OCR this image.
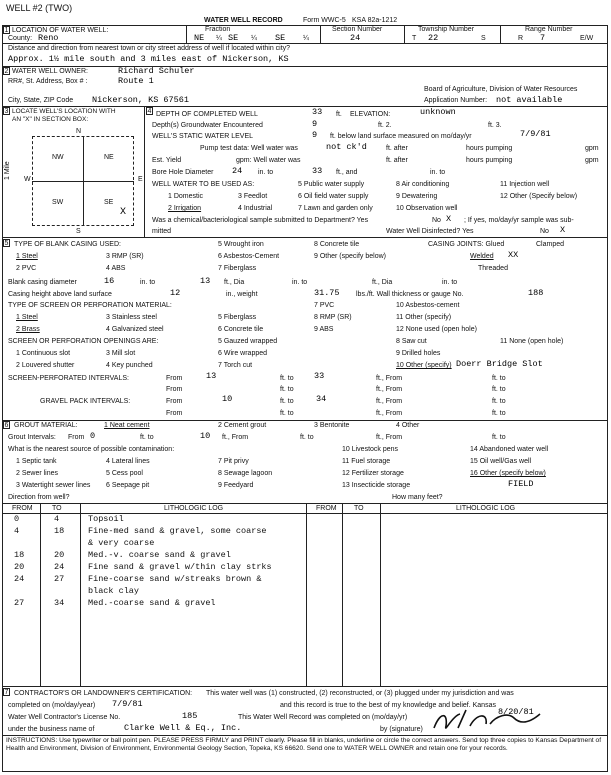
WELL #2 (TWO)
WATER WELL RECORD	Form WWC-5 KSA 82a-1212
1 LOCATION OF WATER WELL:	Fraction	Section Number	Township Number	Range Number
County: Reno	NE ¼ SE ¼ SE	¼	24	T 22	S	R 7	E/W
Distance and direction from nearest town or city street address of well if located within city?
Approx. 1½ mile south and 3 miles east of Nickerson, KS
2 WATER WELL OWNER:	Richard Schuler
RR#, St. Address, Box # :	Route 1
Board of Agriculture, Division of Water Resources
City, State, ZIP Code Nickerson, KS 67561	Application Number: not available
3 LOCATE WELL'S LOCATION WITH
AN "X" IN SECTION BOX:
N
S
W	E
1 Mile
NW	NE
SW	SE
X
4 DEPTH OF COMPLETED WELL	33 ft. ELEVATION:	unknown
Depth(s) Groundwater Encountered	9	ft. 2.	ft. 3.
WELL'S STATIC WATER LEVEL	9 ft. below land surface measured on mo/day/yr	7/9/81
Pump test data: Well water was	not ck'd	ft. after	hours pumping	gpm
Est. Yield	gpm: Well water was	ft. after	hours pumping	gpm
Bore Hole Diameter 24 in. to	33 ft., and	in. to
WELL WATER TO BE USED AS:
1 Domestic	3 Feedlot
5 Public water supply	8 Air conditioning	11 Injection well
2 Irrigation	4 Industrial
6 Oil field water supply
7 Lawn and garden only
9 Dewatering
10 Observation well
12 Other (Specify below)
Was a chemical/bacteriological sample submitted to Department? Yes	No X ; If yes, mo/day/yr sample was sub-
mitted	Water Well Disinfected? Yes	No X
5 TYPE OF BLANK CASING USED:
1 Steel	3 RMP (SR)
5 Wrought iron	8 Concrete tile
2 PVC	4 ABS
6 Asbestos-Cement	9 Other (specify below)
7 Fiberglass
CASING JOINTS: Glued	Clamped
Welded XX
Threaded
Blank casing diameter	16	in. to	13 ft., Dia	in. to	ft., Dia	in. to
Casing height above land surface	12	in., weight	31.75 lbs./ft. Wall thickness or gauge No.	188
TYPE OF SCREEN OR PERFORATION MATERIAL:
1 Steel	3 Stainless steel	5 Fiberglass
7 PVC	10 Asbestos-cement
2 Brass	4 Galvanized steel	6 Concrete tile
8 RMP (SR)
9 ABS
11 Other (specify)
12 None used (open hole)
SCREEN OR PERFORATION OPENINGS ARE:	5 Gauzed wrapped	8 Saw cut	11 None (open hole)
1 Continuous slot	3 Mill slot	6 Wire wrapped	9 Drilled holes
2 Louvered shutter	4 Key punched	7 Torch cut	10 Other (specify) Doerr Bridge Slot
SCREEN-PERFORATED INTERVALS:	From	13	ft. to 33	ft., From	ft. to
From	ft. to	ft., From	ft. to
GRAVEL PACK INTERVALS:	From	10	ft. to	34	ft., From	ft. to
From	ft. to	ft., From	ft. to
6 GROUT MATERIAL:	1 Neat cement	2 Cement grout	3 Bentonite	4 Other
Grout Intervals: From 0	ft. to	10 ft., From	ft. to	ft., From	ft. to
What is the nearest source of possible contamination:
1 Septic tank	4 Lateral lines	7 Pit privy
10 Livestock pens	14 Abandoned water well
2 Sewer lines	5 Cess pool	8 Sewage lagoon
11 Fuel storage	15 Oil well/Gas well
3 Watertight sewer lines 6 Seepage pit	9 Feedyard
12 Fertilizer storage	16 Other (specify below)
13 Insecticide storage	FIELD
Direction from well?	How many feet?
FROM	TO	LITHOLOGIC LOG	FROM TO	LITHOLOGIC LOG
0	4	Topsoil
4	18	Fine-med sand & gravel, some coarse
& very coarse
18	20	Med.-v. coarse sand & gravel
20	24	Fine sand & gravel w/thin clay strks
24	27	Fine-coarse sand w/streaks brown &
black clay
27	34	Med.-coarse sand & gravel
7 CONTRACTOR'S OR LANDOWNER'S CERTIFICATION: This water well was (1) constructed, (2) reconstructed, or (3) plugged under my jurisdiction and was
completed on (mo/day/year) 7/9/81	and this record is true to the best of my knowledge and belief. Kansas
Water Well Contractor's License No.	185	This Water Well Record was completed on (mo/day/yr)
8/20/81
under the business name of	Clarke Well & Eq., Inc.	by (signature)
INSTRUCTIONS: Use typewriter or ball point pen. PLEASE PRESS FIRMLY and PRINT clearly. Please fill in blanks, underline or circle the correct answers. Send top three copies to Kansas Department of Health and Environment, Division of Environment, Environmental Geology Section, Topeka, KS 66620. Send one to WATER WELL OWNER and retain one for your records.
